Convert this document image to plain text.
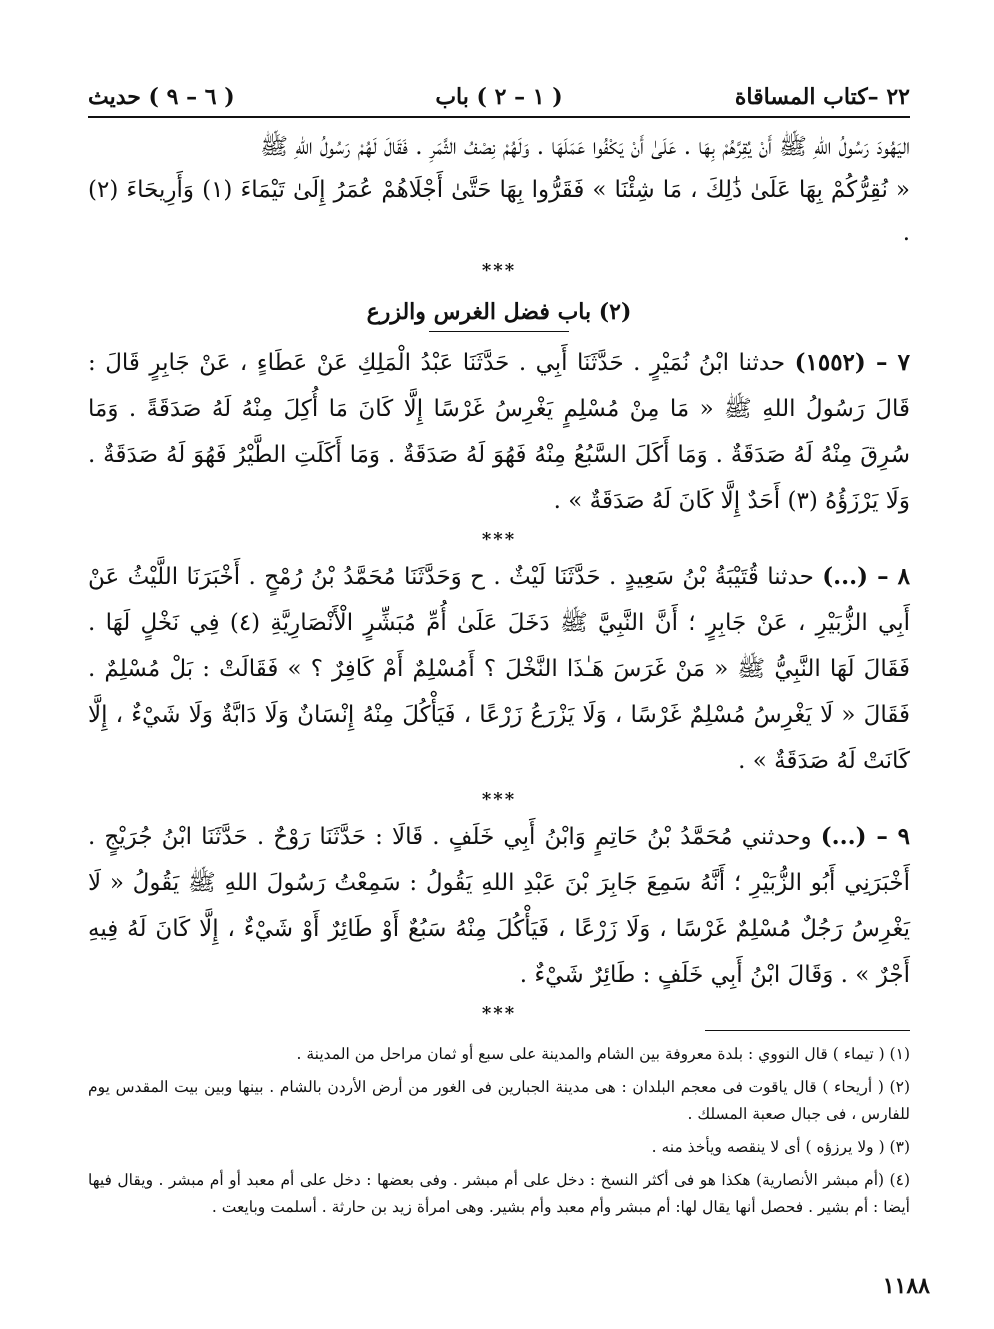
٢٢ –كتاب المساقاة
( ١ – ٢ ) باب
( ٦ – ٩ ) حديث

اليَهُودَ رَسُولُ اللهِ ﷺ أَنْ يُقِرَّهُمْ بِهَا . عَلَىٰ أَنْ يَكْفُوا عَمَلَهَا . وَلَهُمْ نِصْفُ الثَّمَرِ . فَقَالَ لَهُمْ رَسُولُ اللهِ ﷺ

« نُقِرُّكُمْ بِهَا عَلَىٰ ذَٰلِكَ ، مَا شِئْنَا » فَقَرُّوا بِهَا حَتَّىٰ أَجْلَاهُمْ عُمَرُ إِلَىٰ تَيْمَاءَ (١) وَأَرِيحَاءَ (٢) .

***
(٢) باب فضل الغرس والزرع

٧ – (١٥٥٢) حدثنا ابْنُ نُمَيْرٍ . حَدَّثَنَا أَبِي . حَدَّثَنَا عَبْدُ الْمَلِكِ عَنْ عَطَاءٍ ، عَنْ جَابِرٍ قَالَ : قَالَ رَسُولُ اللهِ ﷺ « مَا مِنْ مُسْلِمٍ يَغْرِسُ غَرْسًا إِلَّا كَانَ مَا أُكِلَ مِنْهُ لَهُ صَدَقَةً . وَمَا سُرِقَ مِنْهُ لَهُ صَدَقَةٌ . وَمَا أَكَلَ السَّبُعُ مِنْهُ فَهُوَ لَهُ صَدَقَةٌ . وَمَا أَكَلَتِ الطَّيْرُ فَهُوَ لَهُ صَدَقَةٌ . وَلَا يَرْزَؤُهُ (٣) أَحَدٌ إِلَّا كَانَ لَهُ صَدَقَةٌ » .

***

٨ – (...) حدثنا قُتَيْبَةُ بْنُ سَعِيدٍ . حَدَّثَنَا لَيْثٌ . ح وَحَدَّثَنَا مُحَمَّدُ بْنُ رُمْحٍ . أَخْبَرَنَا اللَّيْثُ عَنْ أَبِي الزُّبَيْرِ ، عَنْ جَابِرٍ ؛ أَنَّ النَّبِيَّ ﷺ دَخَلَ عَلَىٰ أُمِّ مُبَشِّرٍ الْأَنْصَارِيَّةِ (٤) فِي نَخْلٍ لَهَا . فَقَالَ لَهَا النَّبِيُّ ﷺ « مَنْ غَرَسَ هَـٰذَا النَّخْلَ ؟ أَمُسْلِمٌ أَمْ كَافِرٌ ؟ » فَقَالَتْ : بَلْ مُسْلِمٌ . فَقَالَ « لَا يَغْرِسُ مُسْلِمٌ غَرْسًا ، وَلَا يَزْرَعُ زَرْعًا ، فَيَأْكُلَ مِنْهُ إِنْسَانٌ وَلَا دَابَّةٌ وَلَا شَيْءٌ ، إِلَّا كَانَتْ لَهُ صَدَقَةٌ » .

***

٩ – (...) وحدثني مُحَمَّدُ بْنُ حَاتِمٍ وَابْنُ أَبِي خَلَفٍ . قَالَا : حَدَّثَنَا رَوْحٌ . حَدَّثَنَا ابْنُ جُرَيْجٍ . أَخْبَرَنِي أَبُو الزُّبَيْرِ ؛ أَنَّهُ سَمِعَ جَابِرَ بْنَ عَبْدِ اللهِ يَقُولُ : سَمِعْتُ رَسُولَ اللهِ ﷺ يَقُولُ « لَا يَغْرِسُ رَجُلٌ مُسْلِمٌ غَرْسًا ، وَلَا زَرْعًا ، فَيَأْكُلَ مِنْهُ سَبُعٌ أَوْ طَائِرٌ أَوْ شَيْءٌ ، إِلَّا كَانَ لَهُ فِيهِ أَجْرٌ » . وَقَالَ ابْنُ أَبِي خَلَفٍ : طَائِرٌ شَيْءٌ .

***

(١) ( تيماء ) قال النووي : بلدة معروفة بين الشام والمدينة على سبع أو ثمان مراحل من المدينة .

(٢) ( أريحاء ) قال ياقوت فى معجم البلدان : هى مدينة الجبارين فى الغور من أرض الأردن بالشام . بينها وبين بيت المقدس يوم للفارس ، فى جبال صعبة المسلك .

(٣) ( ولا يرزؤه ) أى لا ينقصه ويأخذ منه .

(٤) (أم مبشر الأنصارية) هكذا هو فى أكثر النسخ : دخل على أم مبشر . وفى بعضها : دخل على أم معبد أو أم مبشر . ويقال فيها أيضا : أم بشير . فحصل أنها يقال لها: أم مبشر وأم معبد وأم بشير. وهى امرأة زيد بن حارثة . أسلمت وبايعت .

١١٨٨
